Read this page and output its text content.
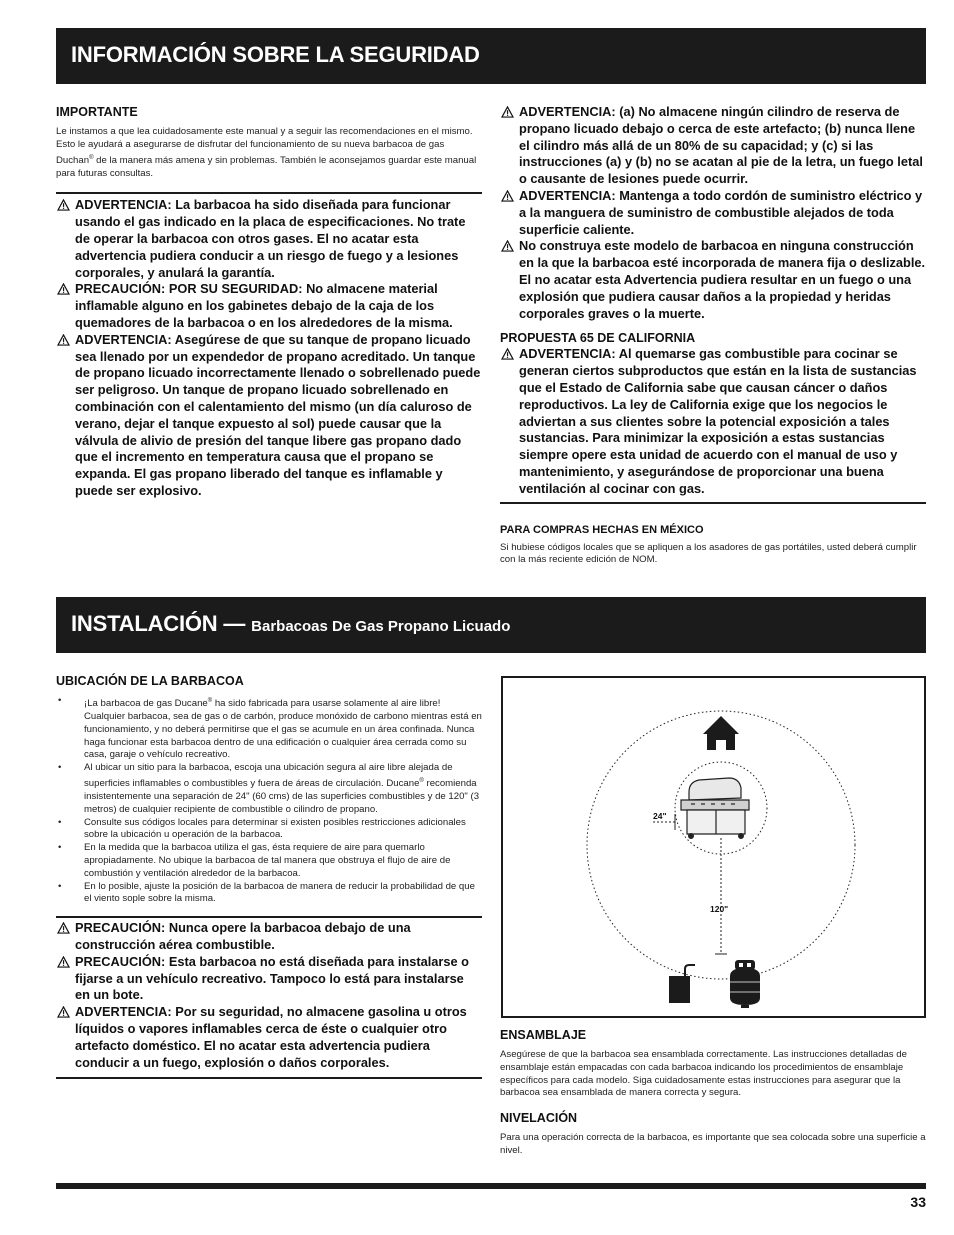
INFORMACIÓN SOBRE LA SEGURIDAD
IMPORTANTE
Le instamos a que lea cuidadosamente este manual y a seguir las recomendaciones en el mismo. Esto le ayudará a asegurarse de disfrutar del funcionamiento de su nueva barbacoa de gas Duchan® de la manera más amena y sin problemas. También le aconsejamos guardar este manual para futuras consultas.
ADVERTENCIA: La barbacoa ha sido diseñada para funcionar usando el gas indicado en la placa de especificaciones. No trate de operar la barbacoa con otros gases. El no acatar esta advertencia pudiera conducir a un riesgo de fuego y a lesiones corporales, y anulará la garantía.
PRECAUCIÓN: POR SU SEGURIDAD: No almacene material inflamable alguno en los gabinetes debajo de la caja de los quemadores de la barbacoa o en los alrededores de la misma.
ADVERTENCIA: Asegúrese de que su tanque de propano licuado sea llenado por un expendedor de propano acreditado. Un tanque de propano licuado incorrectamente llenado o sobrellenado puede ser peligroso. Un tanque de propano licuado sobrellenado en combinación con el calentamiento del mismo (un día caluroso de verano, dejar el tanque expuesto al sol) puede causar que la válvula de alivio de presión del tanque libere gas propano dado que el incremento en temperatura causa que el propano se expanda. El gas propano liberado del tanque es inflamable y puede ser explosivo.
ADVERTENCIA: (a) No almacene ningún cilindro de reserva de propano licuado debajo o cerca de este artefacto; (b) nunca llene el cilindro más allá de un 80% de su capacidad; y (c) si las instrucciones (a) y (b) no se acatan al pie de la letra, un fuego letal o causante de lesiones puede ocurrir.
ADVERTENCIA: Mantenga a todo cordón de suministro eléctrico y a la manguera de suministro de combustible alejados de toda superficie caliente.
No construya este modelo de barbacoa en ninguna construcción en la que la barbacoa esté incorporada de manera fija o deslizable. El no acatar esta Advertencia pudiera resultar en un fuego o una explosión que pudiera causar daños a la propiedad y heridas corporales graves o la muerte.
PROPUESTA 65 DE CALIFORNIA
ADVERTENCIA: Al quemarse gas combustible para cocinar se generan ciertos subproductos que están en la lista de sustancias que el Estado de California sabe que causan cáncer o daños reproductivos. La ley de California exige que los negocios le adviertan a sus clientes sobre la potencial exposición a tales sustancias. Para minimizar la exposición a estas sustancias siempre opere esta unidad de acuerdo con el manual de uso y mantenimiento, y asegurándose de proporcionar una buena ventilación al cocinar con gas.
PARA COMPRAS HECHAS EN MÉXICO
Si hubiese códigos locales que se apliquen a los asadores de gas portátiles, usted deberá cumplir con la más reciente edición de NOM.
INSTALACIÓN — Barbacoas De Gas Propano Licuado
UBICACIÓN DE LA BARBACOA
• ¡La barbacoa de gas Ducane® ha sido fabricada para usarse solamente al aire libre! Cualquier barbacoa, sea de gas o de carbón, produce monóxido de carbono mientras está en funcionamiento, y no deberá permitirse que el gas se acumule en un área confinada. Nunca haga funcionar esta barbacoa dentro de una edificación o cualquier área cerrada como su casa, garaje o vehículo recreativo.
• Al ubicar un sitio para la barbacoa, escoja una ubicación segura al aire libre alejada de superficies inflamables o combustibles y fuera de áreas de circulación. Ducane® recomienda insistentemente una separación de 24" (60 cms) de las superficies combustibles y de 120" (3 metros) de cualquier recipiente de combustible o cilindro de propano.
• Consulte sus códigos locales para determinar si existen posibles restricciones adicionales sobre la ubicación u operación de la barbacoa.
• En la medida que la barbacoa utiliza el gas, ésta requiere de aire para quemarlo apropiadamente. No ubique la barbacoa de tal manera que obstruya el flujo de aire de combustión y ventilación alrededor de la barbacoa.
• En lo posible, ajuste la posición de la barbacoa de manera de reducir la probabilidad de que el viento sople sobre la misma.
PRECAUCIÓN: Nunca opere la barbacoa debajo de una construcción aérea combustible.
PRECAUCIÓN: Esta barbacoa no está diseñada para instalarse o fijarse a un vehículo recreativo. Tampoco lo está para instalarse en un bote.
ADVERTENCIA: Por su seguridad, no almacene gasolina u otros líquidos o vapores inflamables cerca de éste o cualquier otro artefacto doméstico. El no acatar esta advertencia pudiera conducir a un fuego, explosión o daños corporales.
24"
120"
ENSAMBLAJE
Asegúrese de que la barbacoa sea ensamblada correctamente. Las instrucciones detalladas de ensamblaje están empacadas con cada barbacoa indicando los procedimientos de ensamblaje específicos para cada modelo. Siga cuidadosamente estas instrucciones para asegurar que la barbacoa sea ensamblada de manera correcta y segura.
NIVELACIÓN
Para una operación correcta de la barbacoa, es importante que sea colocada sobre una superficie a nivel.
33
